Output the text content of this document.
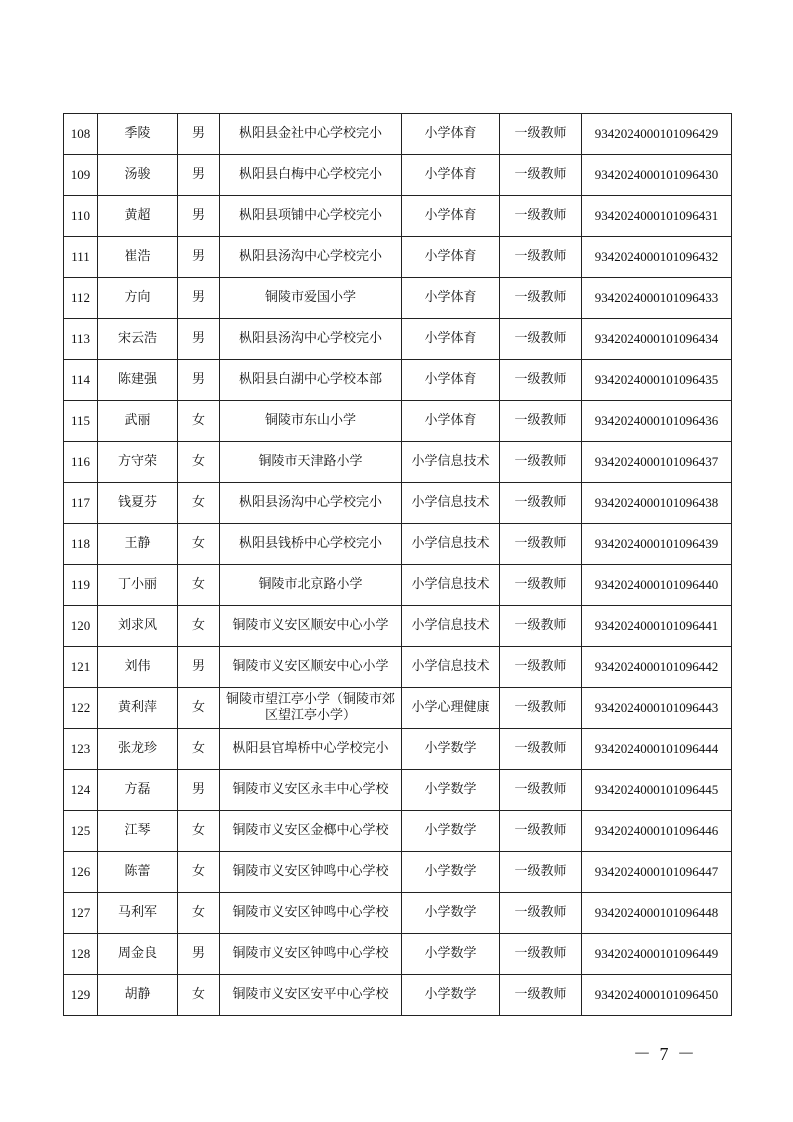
108	季陵	男	枞阳县金社中心学校完小	小学体育	一级教师	9342024000101096429
109	汤骏	男	枞阳县白梅中心学校完小	小学体育	一级教师	9342024000101096430
110	黄超	男	枞阳县项铺中心学校完小	小学体育	一级教师	9342024000101096431
111	崔浩	男	枞阳县汤沟中心学校完小	小学体育	一级教师	9342024000101096432
112	方向	男	铜陵市爱国小学	小学体育	一级教师	9342024000101096433
113	宋云浩	男	枞阳县汤沟中心学校完小	小学体育	一级教师	9342024000101096434
114	陈建强	男	枞阳县白湖中心学校本部	小学体育	一级教师	9342024000101096435
115	武丽	女	铜陵市东山小学	小学体育	一级教师	9342024000101096436
116	方守荣	女	铜陵市天津路小学	小学信息技术	一级教师	9342024000101096437
117	钱夏芬	女	枞阳县汤沟中心学校完小	小学信息技术	一级教师	9342024000101096438
118	王静	女	枞阳县钱桥中心学校完小	小学信息技术	一级教师	9342024000101096439
119	丁小丽	女	铜陵市北京路小学	小学信息技术	一级教师	9342024000101096440
120	刘求风	女	铜陵市义安区顺安中心小学	小学信息技术	一级教师	9342024000101096441
121	刘伟	男	铜陵市义安区顺安中心小学	小学信息技术	一级教师	9342024000101096442
122	黄利萍	女	铜陵市望江亭小学（铜陵市郊区望江亭小学）	小学心理健康	一级教师	9342024000101096443
123	张龙珍	女	枞阳县官埠桥中心学校完小	小学数学	一级教师	9342024000101096444
124	方磊	男	铜陵市义安区永丰中心学校	小学数学	一级教师	9342024000101096445
125	江琴	女	铜陵市义安区金榔中心学校	小学数学	一级教师	9342024000101096446
126	陈蕾	女	铜陵市义安区钟鸣中心学校	小学数学	一级教师	9342024000101096447
127	马利军	女	铜陵市义安区钟鸣中心学校	小学数学	一级教师	9342024000101096448
128	周金良	男	铜陵市义安区钟鸣中心学校	小学数学	一级教师	9342024000101096449
129	胡静	女	铜陵市义安区安平中心学校	小学数学	一级教师	9342024000101096450
－ 7 －
